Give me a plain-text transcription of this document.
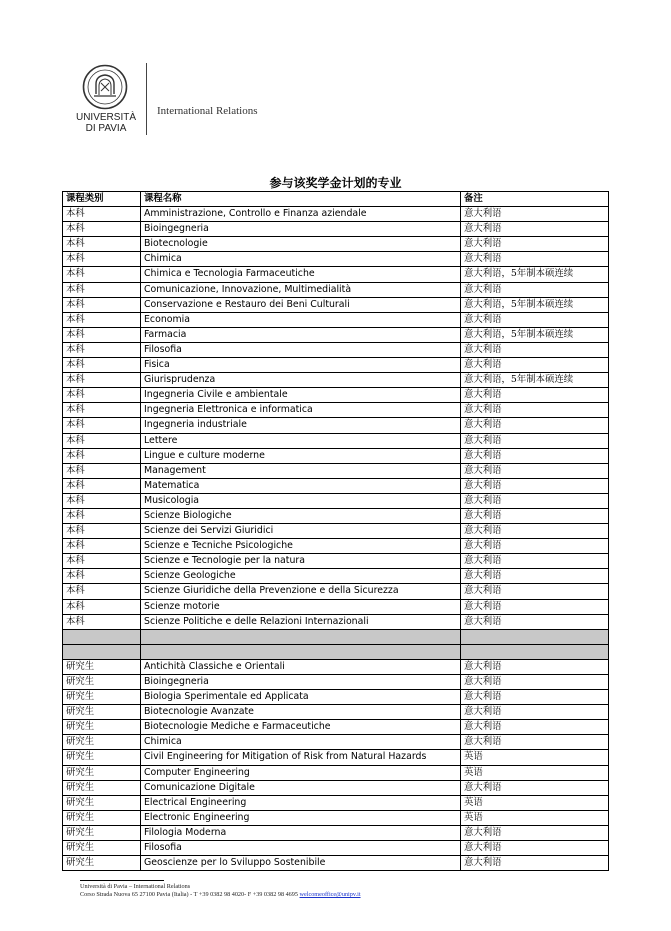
UNIVERSITÀ
DI PAVIA
International Relations
参与该奖学金计划的专业
课程类别	课程名称	备注
本科	Amministrazione, Controllo e Finanza aziendale	意大利语
本科	Bioingegneria	意大利语
本科	Biotecnologie	意大利语
本科	Chimica	意大利语
本科	Chimica e Tecnologia Farmaceutiche	意大利语，5年制本硕连续
本科	Comunicazione, Innovazione, Multimedialità	意大利语
本科	Conservazione e Restauro dei Beni Culturali	意大利语，5年制本硕连续
本科	Economia	意大利语
本科	Farmacia	意大利语，5年制本硕连续
本科	Filosofia	意大利语
本科	Fisica	意大利语
本科	Giurisprudenza	意大利语，5年制本硕连续
本科	Ingegneria Civile e ambientale	意大利语
本科	Ingegneria Elettronica e informatica	意大利语
本科	Ingegneria industriale	意大利语
本科	Lettere	意大利语
本科	Lingue e culture moderne	意大利语
本科	Management	意大利语
本科	Matematica	意大利语
本科	Musicologia	意大利语
本科	Scienze Biologiche	意大利语
本科	Scienze dei Servizi Giuridici	意大利语
本科	Scienze e Tecniche Psicologiche	意大利语
本科	Scienze e Tecnologie per la natura	意大利语
本科	Scienze Geologiche	意大利语
本科	Scienze Giuridiche della Prevenzione e della Sicurezza	意大利语
本科	Scienze motorie	意大利语
本科	Scienze Politiche e delle Relazioni Internazionali	意大利语

研究生	Antichità Classiche e Orientali	意大利语
研究生	Bioingegneria	意大利语
研究生	Biologia Sperimentale ed Applicata	意大利语
研究生	Biotecnologie Avanzate	意大利语
研究生	Biotecnologie Mediche e Farmaceutiche	意大利语
研究生	Chimica	意大利语
研究生	Civil Engineering for Mitigation of Risk from Natural Hazards	英语
研究生	Computer Engineering	英语
研究生	Comunicazione Digitale	意大利语
研究生	Electrical Engineering	英语
研究生	Electronic Engineering	英语
研究生	Filologia Moderna	意大利语
研究生	Filosofia	意大利语
研究生	Geoscienze per lo Sviluppo Sostenibile	意大利语
Università di Pavia – International Relations
Corso Strada Nuova 65 27100 Pavia (Italia) - T +39 0382 98 4020- F +39 0382 98 4695 welcomeoffice@unipv.it
